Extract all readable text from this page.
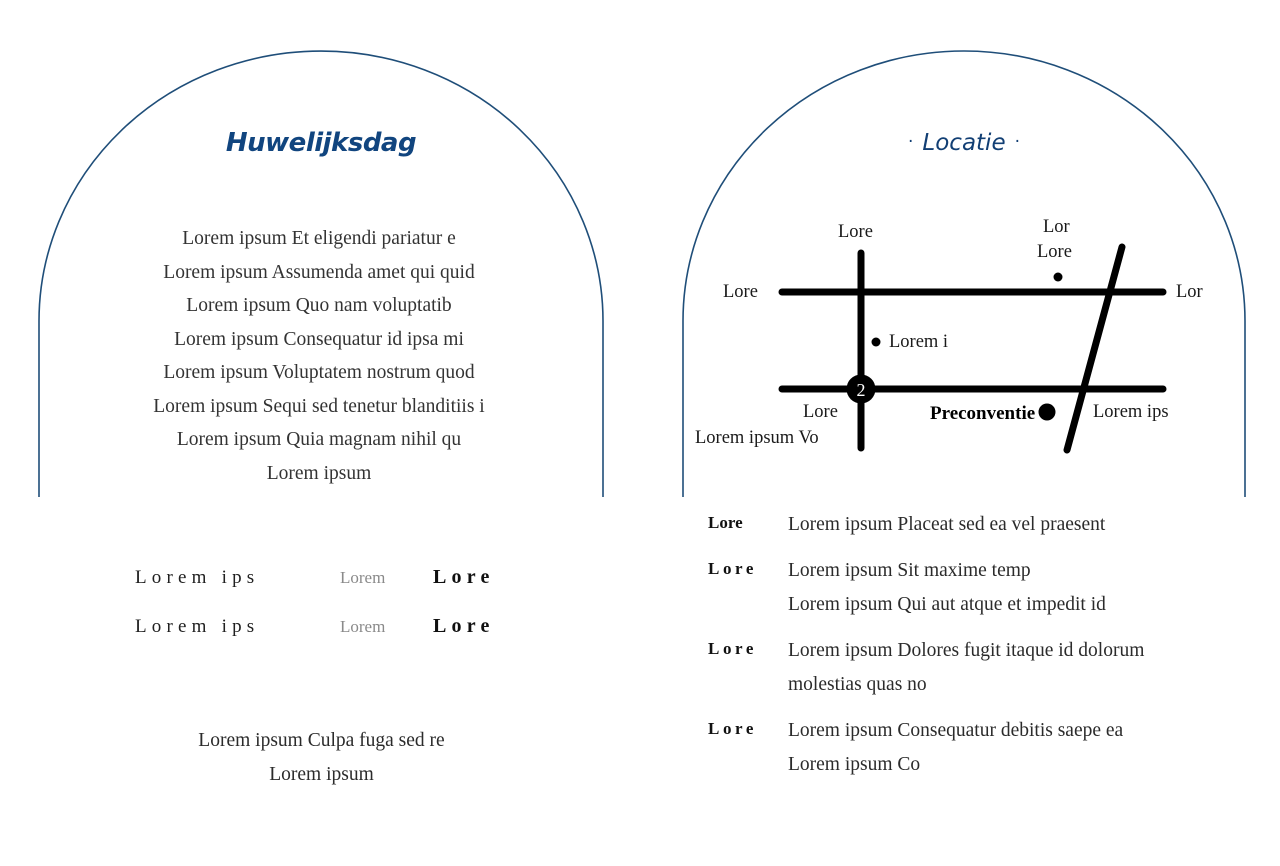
Huwelijksdag
Lorem ipsum Et eligendi pariatur e
Lorem ipsum Assumenda amet qui quid
Lorem ipsum Quo nam voluptatib
Lorem ipsum Consequatur id ipsa mi
Lorem ipsum Voluptatem nostrum quod
Lorem ipsum Sequi sed tenetur blanditiis i
Lorem ipsum Quia magnam nihil qu
Lorem ipsum
Lorem ips	Lorem	Lore
Lorem ips	Lorem	Lore
Lorem ipsum Culpa fuga sed re
Lorem ipsum
· Locatie ·
2
Lore
Lore	Lor
Lor
Lore
Lorem i
Lore
Lorem ipsum Vo
Preconventie	Lorem ips
Lore	Lorem ipsum Placeat sed ea vel praesent
Lore	Lorem ipsum Sit maxime temp
Lorem ipsum Qui aut atque et impedit id
Lore	Lorem ipsum Dolores fugit itaque id dolorum
molestias quas no
Lore	Lorem ipsum Consequatur debitis saepe ea
Lorem ipsum Co
